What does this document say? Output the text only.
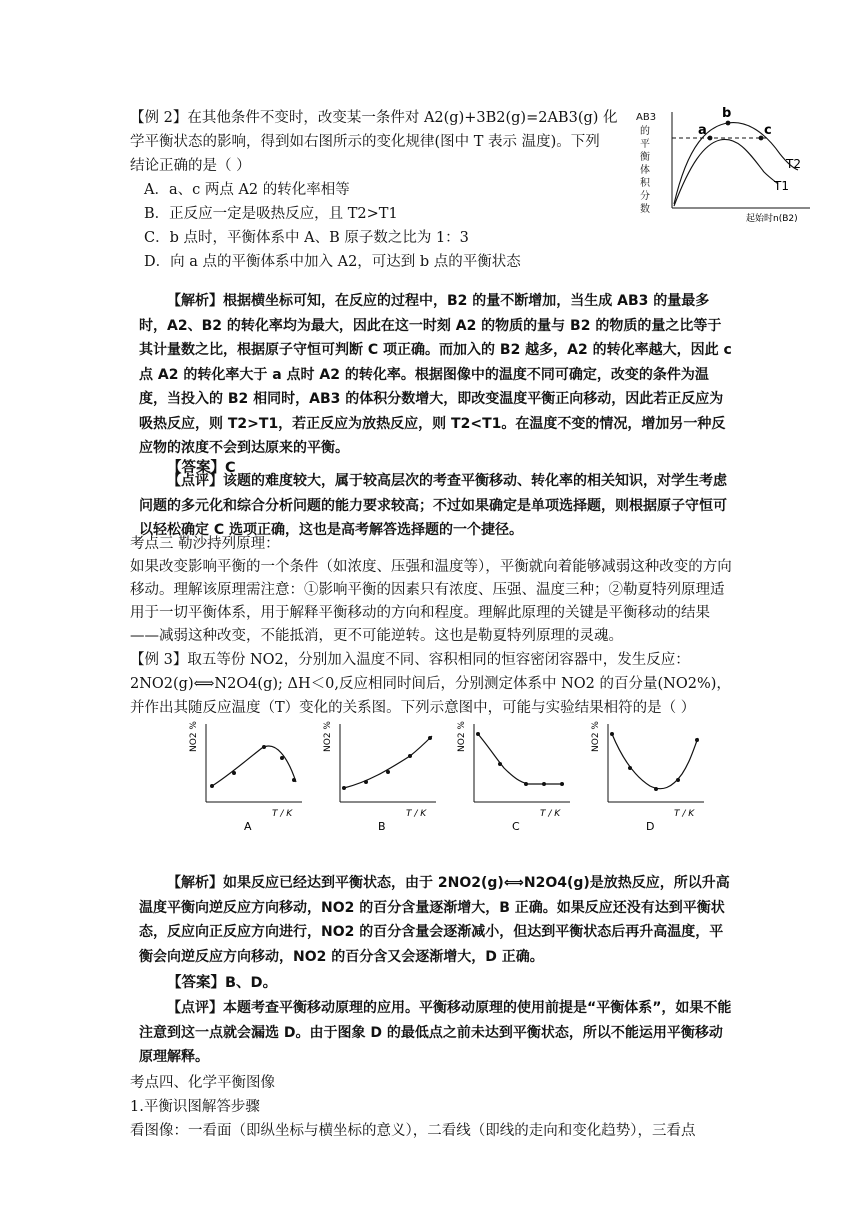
【例 2】在其他条件不变时，改变某一条件对 A2(g)+3B2(g)=2AB3(g) 化
学平衡状态的影响，得到如右图所示的变化规律(图中 T 表示 温度)。下列
结论正确的是（ ）
A．a、c 两点 A2 的转化率相等
B．正反应一定是吸热反应，且 T2>T1
C．b 点时，平衡体系中 A、B 原子数之比为 1：3
D．向 a 点的平衡体系中加入 A2，可达到 b 点的平衡状态
AB3
的
平
衡
体
积
分
数
a
b
c
T2
T1
起始时n(B2)
【解析】根据横坐标可知，在反应的过程中，B2 的量不断增加，当生成 AB3 的量最多时，A2、B2 的转化率均为最大，因此在这一时刻 A2 的物质的量与 B2 的物质的量之比等于其计量数之比，根据原子守恒可判断 C 项正确。而加入的 B2 越多，A2 的转化率越大，因此 c 点 A2 的转化率大于 a 点时 A2 的转化率。根据图像中的温度不同可确定，改变的条件为温度，当投入的 B2 相同时，AB3 的体积分数增大，即改变温度平衡正向移动，因此若正反应为吸热反应，则 T2>T1，若正反应为放热反应，则 T2<T1。在温度不变的情况，增加另一种反应物的浓度不会到达原来的平衡。
【答案】C
【点评】该题的难度较大，属于较高层次的考查平衡移动、转化率的相关知识，对学生考虑问题的多元化和综合分析问题的能力要求较高；不过如果确定是单项选择题，则根据原子守恒可以轻松确定 C 选项正确，这也是高考解答选择题的一个捷径。
考点三 勒沙持列原理：
如果改变影响平衡的一个条件（如浓度、压强和温度等），平衡就向着能够减弱这种改变的方向移动。理解该原理需注意：①影响平衡的因素只有浓度、压强、温度三种；②勒夏特列原理适用于一切平衡体系，用于解释平衡移动的方向和程度。理解此原理的关键是平衡移动的结果——减弱这种改变，不能抵消，更不可能逆转。这也是勒夏特列原理的灵魂。
【例 3】取五等份 NO2，分别加入温度不同、容积相同的恒容密闭容器中，发生反应：
2NO2(g)⟺N2O4(g); ΔH＜0,反应相同时间后，分别测定体系中 NO2 的百分量(NO2%)，
并作出其随反应温度（T）变化的关系图。下列示意图中，可能与实验结果相符的是（ ）
NO2 %
T / K
A
NO2 %
T / K
B
NO2 %
T / K
C
NO2 %
T / K
D
【解析】如果反应已经达到平衡状态，由于 2NO2(g)⟺N2O4(g)是放热反应，所以升高温度平衡向逆反应方向移动，NO2 的百分含量逐渐增大，B 正确。如果反应还没有达到平衡状态，反应向正反应方向进行，NO2 的百分含量会逐渐减小，但达到平衡状态后再升高温度，平衡会向逆反应方向移动，NO2 的百分含又会逐渐增大，D 正确。
【答案】B、D。
【点评】本题考查平衡移动原理的应用。平衡移动原理的使用前提是“平衡体系”，如果不能注意到这一点就会漏选 D。由于图象 D 的最低点之前未达到平衡状态，所以不能运用平衡移动原理解释。
考点四、化学平衡图像
1.平衡识图解答步骤
看图像：一看面（即纵坐标与横坐标的意义），二看线（即线的走向和变化趋势），三看点
